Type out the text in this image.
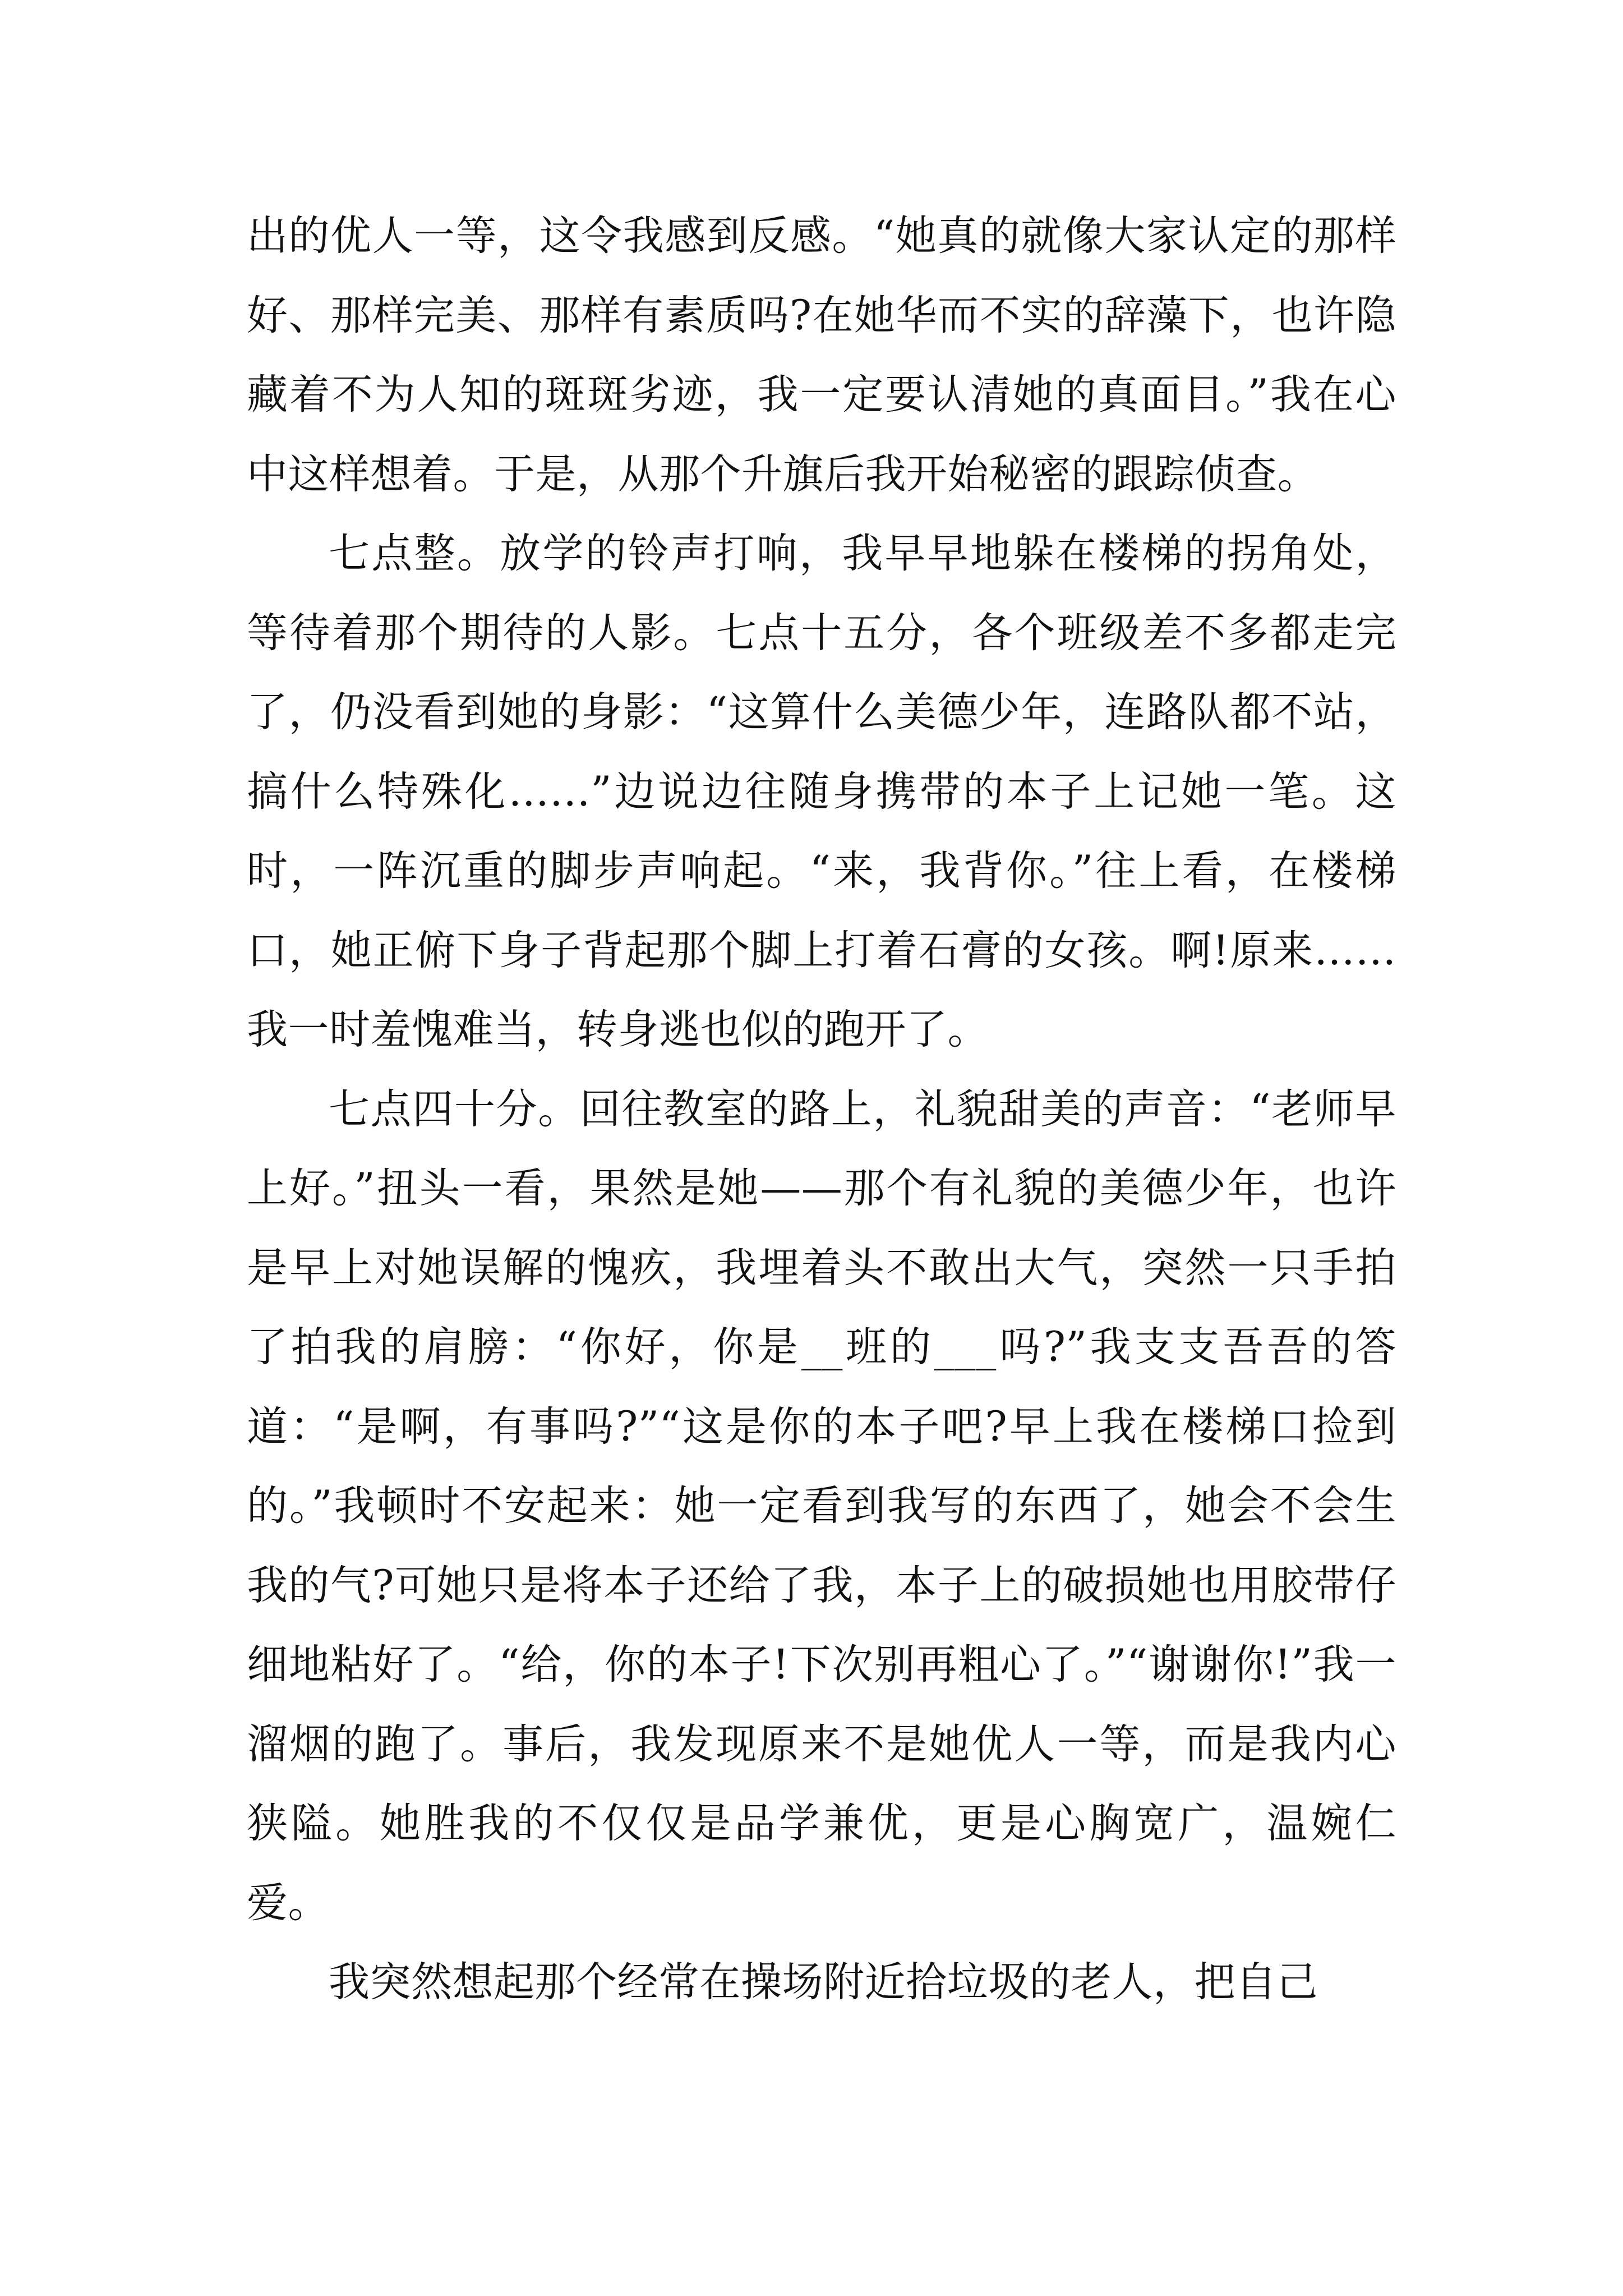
出的优人一等，这令我感到反感。“她真的就像大家认定的那样好、那样完美、那样有素质吗?在她华而不实的辞藻下，也许隐藏着不为人知的斑斑劣迹，我一定要认清她的真面目。”我在心中这样想着。于是，从那个升旗后我开始秘密的跟踪侦查。

七点整。放学的铃声打响，我早早地躲在楼梯的拐角处，等待着那个期待的人影。七点十五分，各个班级差不多都走完了，仍没看到她的身影：“这算什么美德少年，连路队都不站，搞什么特殊化……”边说边往随身携带的本子上记她一笔。这时，一阵沉重的脚步声响起。“来，我背你。”往上看，在楼梯口，她正俯下身子背起那个脚上打着石膏的女孩。啊!原来……我一时羞愧难当，转身逃也似的跑开了。

七点四十分。回往教室的路上，礼貌甜美的声音：“老师早上好。”扭头一看，果然是她——那个有礼貌的美德少年，也许是早上对她误解的愧疚，我埋着头不敢出大气，突然一只手拍了拍我的肩膀：“你好，你是__班的___吗?”我支支吾吾的答道：“是啊，有事吗?”“这是你的本子吧?早上我在楼梯口捡到的。”我顿时不安起来：她一定看到我写的东西了，她会不会生我的气?可她只是将本子还给了我，本子上的破损她也用胶带仔细地粘好了。“给，你的本子!下次别再粗心了。”“谢谢你!”我一溜烟的跑了。事后，我发现原来不是她优人一等，而是我内心狭隘。她胜我的不仅仅是品学兼优，更是心胸宽广，温婉仁爱。

我突然想起那个经常在操场附近拾垃圾的老人，把自己
